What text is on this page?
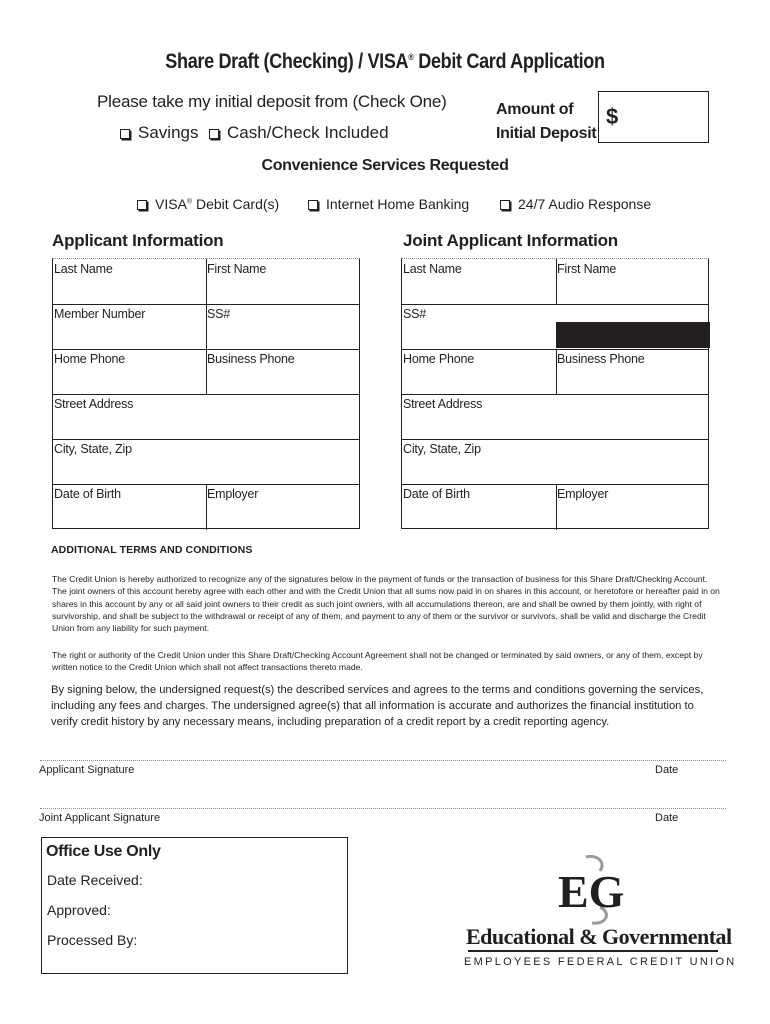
Share Draft (Checking) / VISA® Debit Card Application
Please take my initial deposit from (Check One)
Savings	Cash/Check Included
Amount of
Initial Deposit
$
Convenience Services Requested
VISA® Debit Card(s)	Internet Home Banking	24/7 Audio Response
Applicant Information	Joint Applicant Information
Last Name	First Name
Member Number	SS#
Home Phone	Business Phone
Street Address
City, State, Zip
Date of Birth	Employer
Last Name	First Name
SS#
Home Phone	Business Phone
Street Address
City, State, Zip
Date of Birth	Employer
ADDITIONAL TERMS AND CONDITIONS
The Credit Union is hereby authorized to recognize any of the signatures below in the payment of funds or the transaction of business for this Share Draft/Checking Account. The joint owners of this account hereby agree with each other and with the Credit Union that all sums now paid in on shares in this account, or heretofore or hereafter paid in on shares in this account by any or all said joint owners to their credit as such joint owners, with all accumulations thereon, are and shall be owned by them jointly, with right of survivorship, and shall be subject to the withdrawal or receipt of any of them, and payment to any of them or the survivor or survivors, shall be valid and discharge the Credit Union from any liability for such payment.
The right or authority of the Credit Union under this Share Draft/Checking Account Agreement shall not be changed or terminated by said owners, or any of them, except by written notice to the Credit Union which shall not affect transactions thereto made.
By signing below, the undersigned request(s) the described services and agrees to the terms and conditions governing the services, including any fees and charges. The undersigned agree(s) that all information is accurate and authorizes the financial institution to verify credit history by any necessary means, including preparation of a credit report by a credit reporting agency.
Applicant Signature	Date
Joint Applicant Signature	Date
Office Use Only
Date Received:
Approved:
Processed By:
EG
Educational & Governmental
EMPLOYEES FEDERAL CREDIT UNION
